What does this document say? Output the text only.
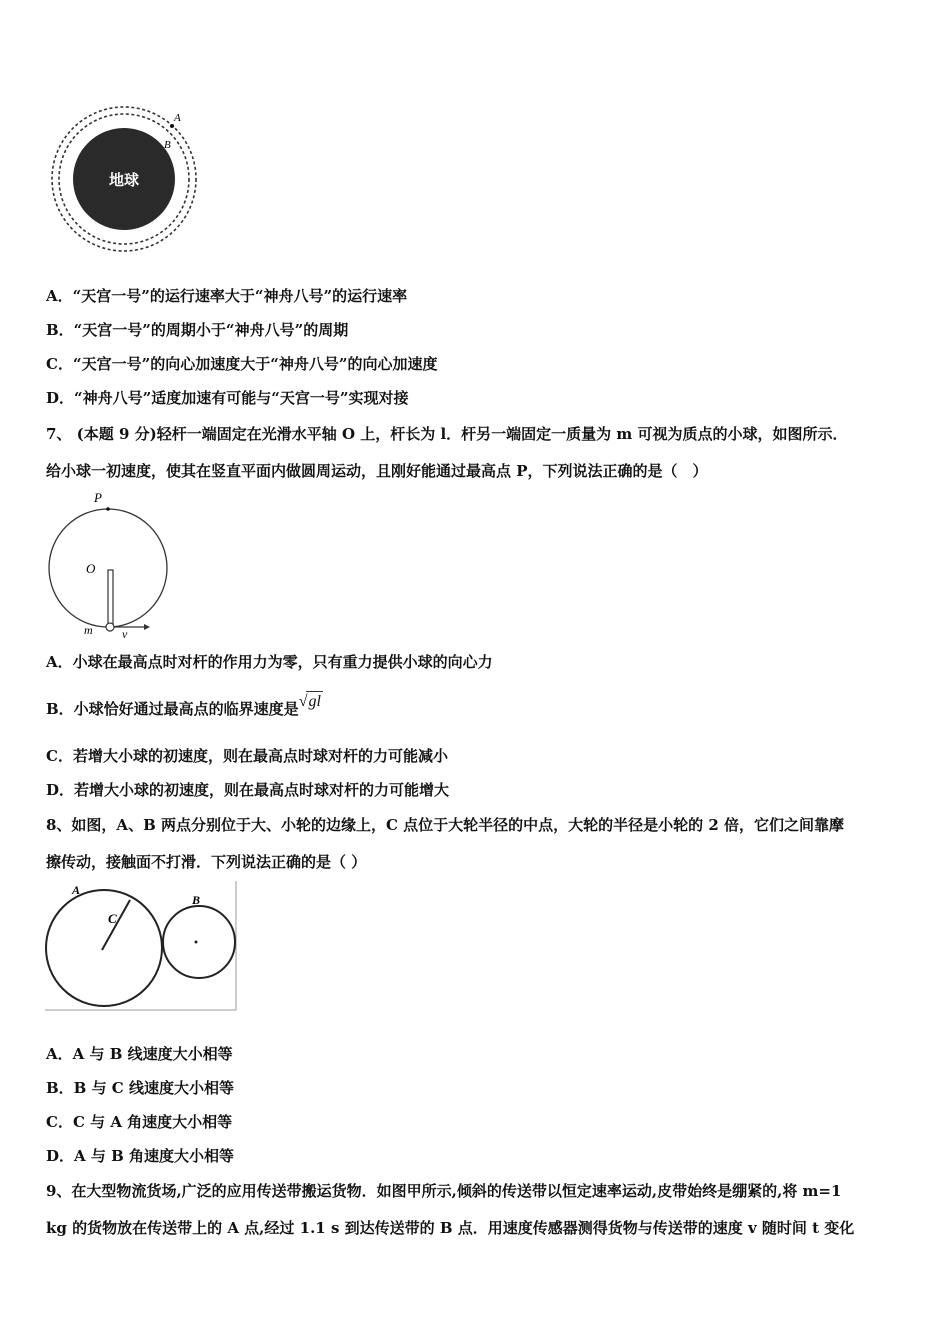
地球
A
B
A．“天宫一号”的运行速率大于“神舟八号”的运行速率
B．“天宫一号”的周期小于“神舟八号”的周期
C．“天宫一号”的向心加速度大于“神舟八号”的向心加速度
D．“神舟八号”适度加速有可能与“天宫一号”实现对接
7、 (本题 9 分)轻杆一端固定在光滑水平轴 O 上，杆长为 l．杆另一端固定一质量为 m 可视为质点的小球，如图所示．
给小球一初速度，使其在竖直平面内做圆周运动，且刚好能通过最高点 P，下列说法正确的是（　）
P
O
m v
A．小球在最高点时对杆的作用力为零，只有重力提供小球的向心力
B．小球恰好通过最高点的临界速度是√gl
C．若增大小球的初速度，则在最高点时球对杆的力可能减小
D．若增大小球的初速度，则在最高点时球对杆的力可能增大
8、如图，A、B 两点分别位于大、小轮的边缘上，C 点位于大轮半径的中点，大轮的半径是小轮的 2 倍，它们之间靠摩
擦传动，接触面不打滑．下列说法正确的是（ ）
A
B
C
A．A 与 B 线速度大小相等
B．B 与 C 线速度大小相等
C．C 与 A 角速度大小相等
D．A 与 B 角速度大小相等
9、在大型物流货场,广泛的应用传送带搬运货物．如图甲所示,倾斜的传送带以恒定速率运动,皮带始终是绷紧的,将 m=1
kg 的货物放在传送带上的 A 点,经过 1.1 s 到达传送带的 B 点．用速度传感器测得货物与传送带的速度 v 随时间 t 变化
